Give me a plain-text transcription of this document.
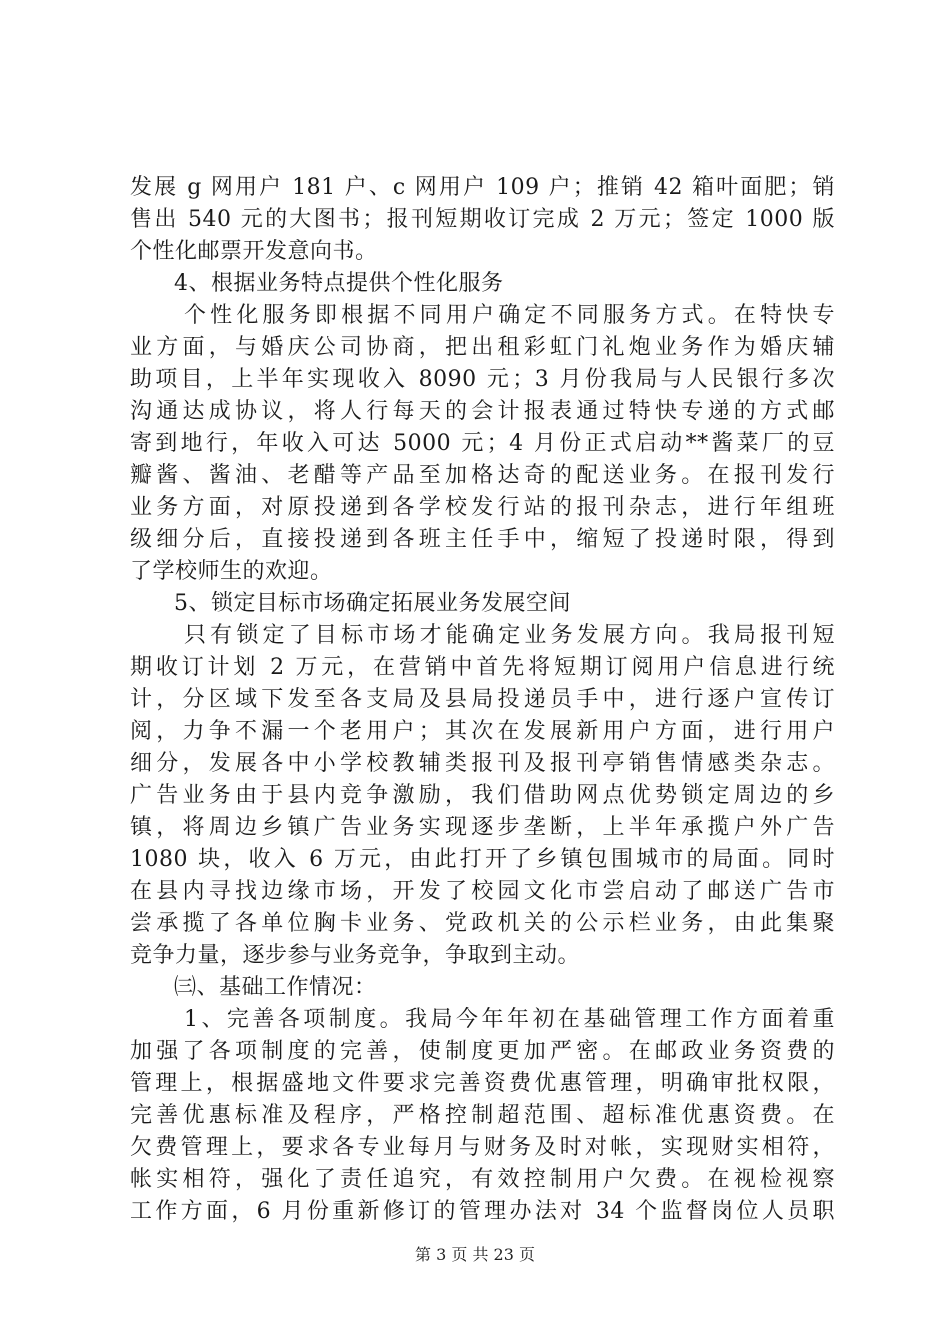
发展 g 网用户 181 户、c 网用户 109 户；推销 42 箱叶面肥；销
售出 540 元的大图书；报刊短期收订完成 2 万元；签定 1000 版
个性化邮票开发意向书。
4、根据业务特点提供个性化服务
个性化服务即根据不同用户确定不同服务方式。在特快专
业方面，与婚庆公司协商，把出租彩虹门礼炮业务作为婚庆辅
助项目，上半年实现收入 8090 元；3 月份我局与人民银行多次
沟通达成协议，将人行每天的会计报表通过特快专递的方式邮
寄到地行，年收入可达 5000 元；4 月份正式启动**酱菜厂的豆
瓣酱、酱油、老醋等产品至加格达奇的配送业务。在报刊发行
业务方面，对原投递到各学校发行站的报刊杂志，进行年组班
级细分后，直接投递到各班主任手中，缩短了投递时限，得到
了学校师生的欢迎。
5、锁定目标市场确定拓展业务发展空间
只有锁定了目标市场才能确定业务发展方向。我局报刊短
期收订计划 2 万元，在营销中首先将短期订阅用户信息进行统
计，分区域下发至各支局及县局投递员手中，进行逐户宣传订
阅，力争不漏一个老用户；其次在发展新用户方面，进行用户
细分，发展各中小学校教辅类报刊及报刊亭销售情感类杂志。
广告业务由于县内竞争激励，我们借助网点优势锁定周边的乡
镇，将周边乡镇广告业务实现逐步垄断，上半年承揽户外广告
1080 块，收入 6 万元，由此打开了乡镇包围城市的局面。同时
在县内寻找边缘市场，开发了校园文化市尝启动了邮送广告市
尝承揽了各单位胸卡业务、党政机关的公示栏业务，由此集聚
竞争力量，逐步参与业务竞争，争取到主动。
㈢、基础工作情况：
1、完善各项制度。我局今年年初在基础管理工作方面着重
加强了各项制度的完善，使制度更加严密。在邮政业务资费的
管理上，根据盛地文件要求完善资费优惠管理，明确审批权限，
完善优惠标准及程序，严格控制超范围、超标准优惠资费。在
欠费管理上，要求各专业每月与财务及时对帐，实现财实相符，
帐实相符，强化了责任追究，有效控制用户欠费。在视检视察
工作方面，6 月份重新修订的管理办法对 34 个监督岗位人员职
第 3 页 共 23 页
